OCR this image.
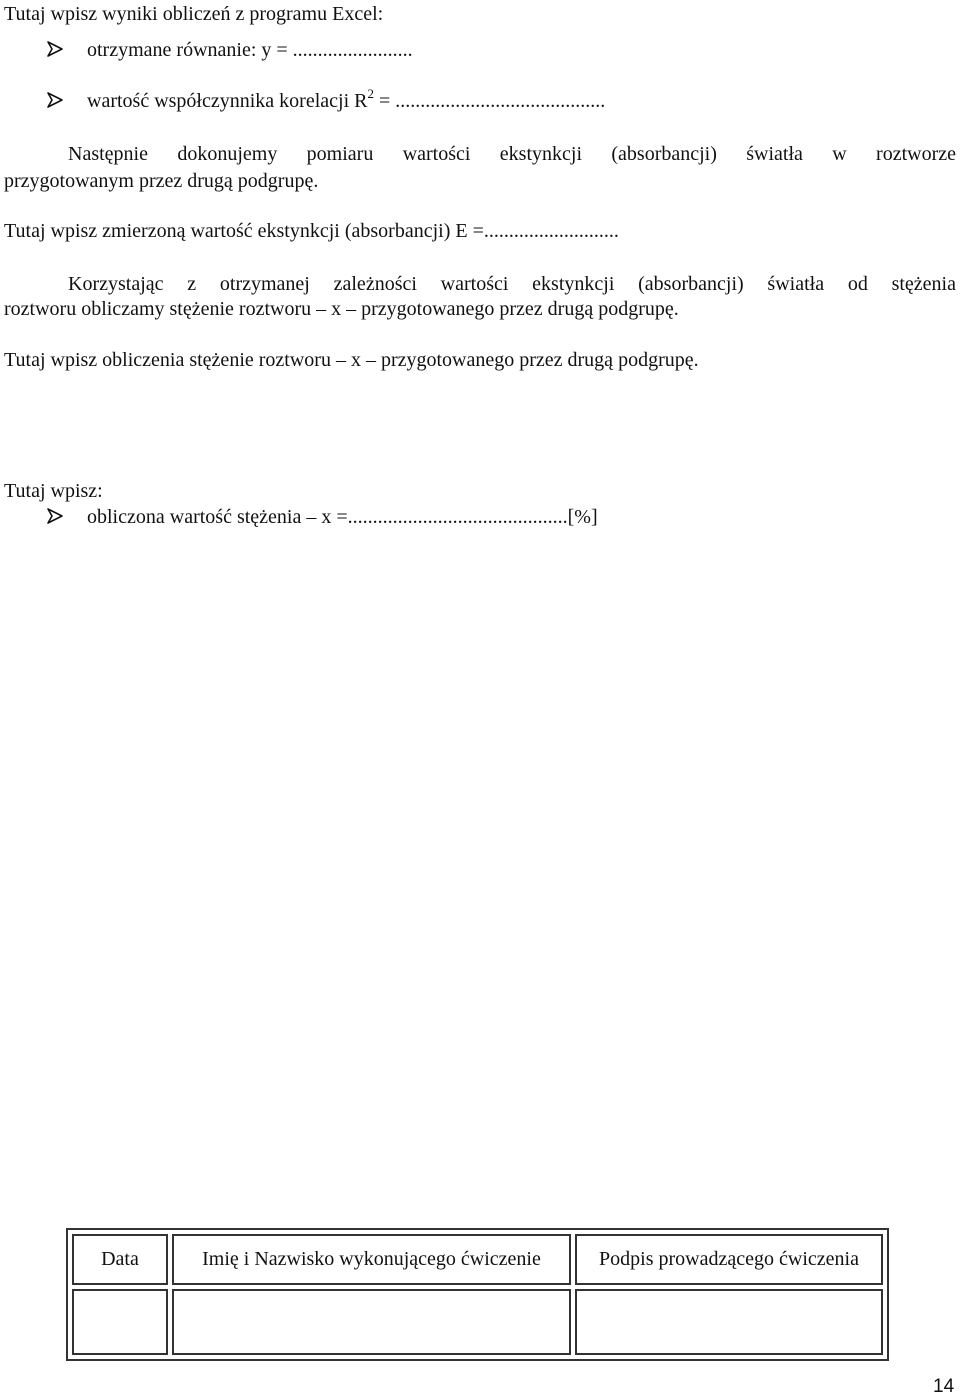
Tutaj wpisz wyniki obliczeń z programu Excel:
otrzymane równanie: y = ........................
wartość współczynnika korelacji $R^2$ = ..........................................
Następnie dokonujemy pomiaru wartości ekstynkcji (absorbancji) światła w roztworze
przygotowanym przez drugą podgrupę.
Tutaj wpisz zmierzoną wartość ekstynkcji (absorbancji) E =...........................
Korzystając z otrzymanej zależności wartości ekstynkcji (absorbancji) światła od stężenia
roztworu obliczamy stężenie roztworu – x – przygotowanego przez drugą podgrupę.
Tutaj wpisz obliczenia stężenie roztworu – x – przygotowanego przez drugą podgrupę.
Tutaj wpisz:
obliczona wartość stężenia – x =............................................[%]
Data	Imię i Nazwisko wykonującego ćwiczenie	Podpis prowadzącego ćwiczenia

14
